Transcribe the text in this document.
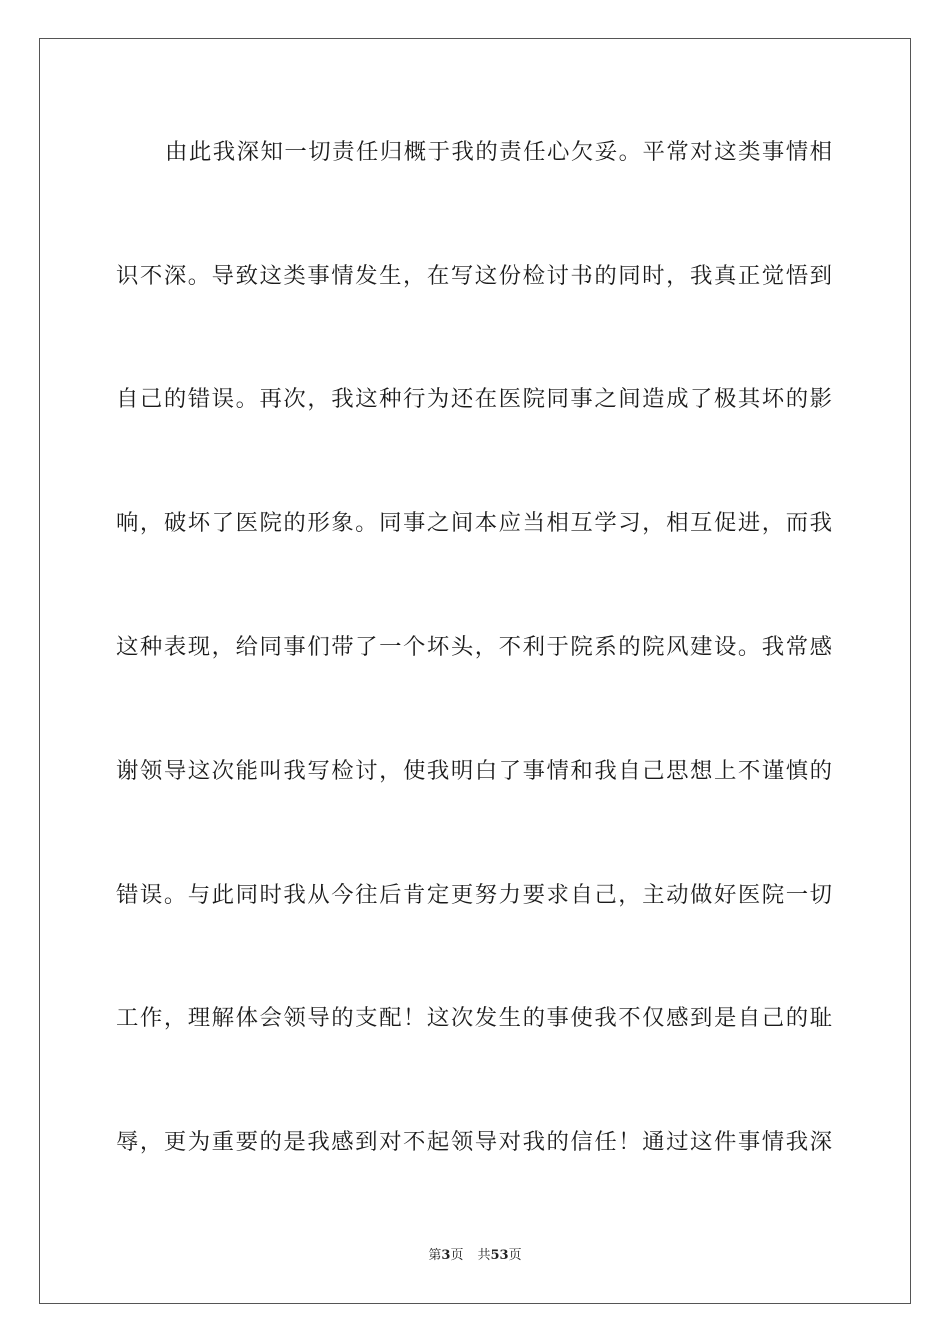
由此我深知一切责任归概于我的责任心欠妥。平常对这类事情相
识不深。导致这类事情发生，在写这份检讨书的同时，我真正觉悟到
自己的错误。再次，我这种行为还在医院同事之间造成了极其坏的影
响，破坏了医院的形象。同事之间本应当相互学习，相互促进，而我
这种表现，给同事们带了一个坏头，不利于院系的院风建设。我常感
谢领导这次能叫我写检讨，使我明白了事情和我自己思想上不谨慎的
错误。与此同时我从今往后肯定更努力要求自己，主动做好医院一切
工作，理解体会领导的支配！这次发生的事使我不仅感到是自己的耻
辱，更为重要的是我感到对不起领导对我的信任！通过这件事情我深
第3页 共53页
